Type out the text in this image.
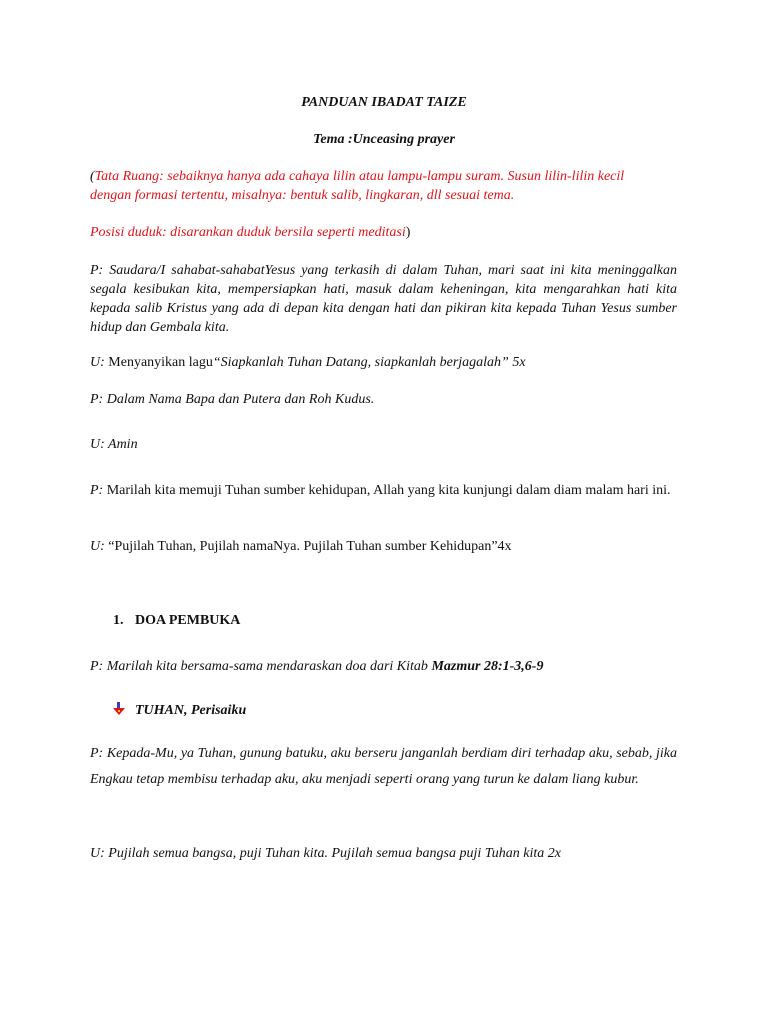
PANDUAN IBADAT TAIZE

Tema :Unceasing prayer

(Tata Ruang: sebaiknya hanya ada cahaya lilin atau lampu-lampu suram. Susun lilin-lilin kecil

dengan formasi tertentu, misalnya: bentuk salib, lingkaran, dll sesuai tema.

Posisi duduk: disarankan duduk bersila seperti meditasi)

P: Saudara/I sahabat-sahabatYesus yang terkasih di dalam Tuhan, mari saat ini kita meninggalkan segala kesibukan kita, mempersiapkan hati, masuk dalam keheningan, kita mengarahkan hati kita kepada salib Kristus yang ada di depan kita dengan hati dan pikiran kita kepada Tuhan Yesus sumber hidup dan Gembala kita.

U: Menyanyikan lagu“Siapkanlah Tuhan Datang, siapkanlah berjagalah” 5x

P: Dalam Nama Bapa dan Putera dan Roh Kudus.

U: Amin

P: Marilah kita memuji Tuhan sumber kehidupan, Allah yang kita kunjungi dalam diam malam hari ini.

U: “Pujilah Tuhan, Pujilah namaNya. Pujilah Tuhan sumber Kehidupan”4x

1. DOA PEMBUKA

P: Marilah kita bersama-sama mendaraskan doa dari Kitab Mazmur 28:1-3,6-9

TUHAN, Perisaiku

P: Kepada-Mu, ya Tuhan, gunung batuku, aku berseru janganlah berdiam diri terhadap aku, sebab, jika Engkau tetap membisu terhadap aku, aku menjadi seperti orang yang turun ke dalam liang kubur.

U: Pujilah semua bangsa, puji Tuhan kita. Pujilah semua bangsa puji Tuhan kita 2x
